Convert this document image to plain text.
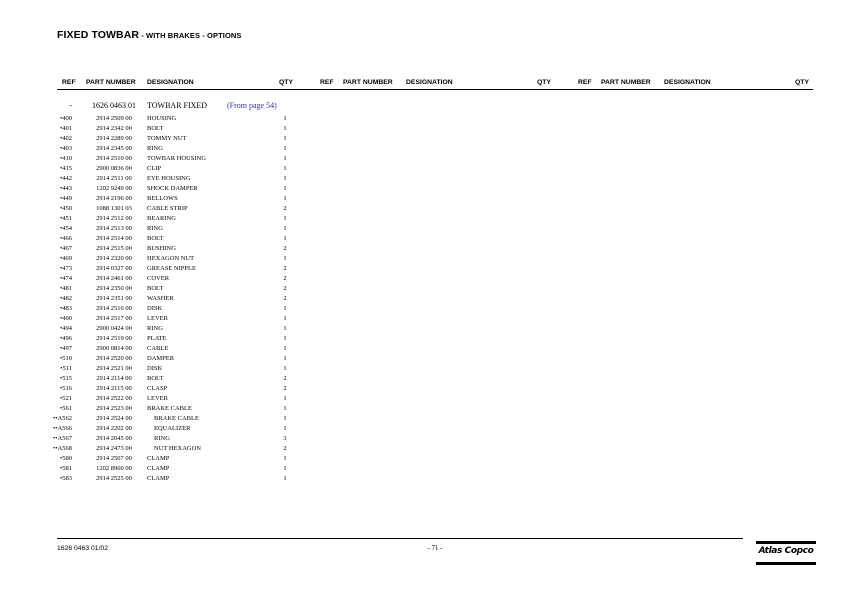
FIXED TOWBAR - WITH BRAKES - OPTIONS
REF PART NUMBER DESIGNATION	QTY	REF PART NUMBER DESIGNATION	QTY	REF PART NUMBER DESIGNATION	QTY
-	1626 0463 01	TOWBAR FIXED (From page 54)
•400	2914 2509 00	HOUSING	1
•401	2914 2342 00	BOLT	1
•402	2914 2289 00	TOMMY NUT	1
•403	2914 2345 00	RING	1
•410	2914 2510 00	TOWBAR HOUSING	1
•415	2900 0836 00	CLIP	1
•442	2914 2511 00	EYE HOUSING	1
•443	1202 9249 00	SHOCK DAMPER	1
•449	2914 2196 00	BELLOWS	1
•450	1088 1301 03	CABLE STRIP	2
•451	2914 2512 00	BEARING	1
•454	2914 2513 00	RING	1
•466	2914 2514 00	BOLT	1
•467	2914 2515 00	BUSHING	2
•469	2914 2320 00	HEXAGON NUT	1
•473	2914 0327 00	GREASE NIPPLE	2
•474	2914 2461 00	COVER	2
•481	2914 2350 00	BOLT	2
•482	2914 2351 00	WASHER	2
•483	2914 2516 00	DISK	1
•490	2914 2517 00	LEVER	1
•494	2900 0424 00	RING	1
•496	2914 2519 00	PLATE	1
•497	2900 0814 00	CABLE	1
•510	2914 2520 00	DAMPER	1
•511	2914 2521 00	DISK	1
•515	2914 2114 00	BOLT	2
•516	2914 2115 00	CLASP	2
•521	2914 2522 00	LEVER	1
•561	2914 2523 00	BRAKE CABLE	1
••A562	2914 2524 00	BRAKE CABLE	1
••A566	2914 2202 00	EQUALIZER	1
••A567	2914 2045 00	RING	3
••A568	2914 2473 00	NUT HEXAGON	2
•580	2914 2507 00	CLAMP	1
•581	1202 8960 00	CLAMP	1
•583	2914 2525 00	CLAMP	1
1626 0463 01/02	- 71 -	Atlas Copco
